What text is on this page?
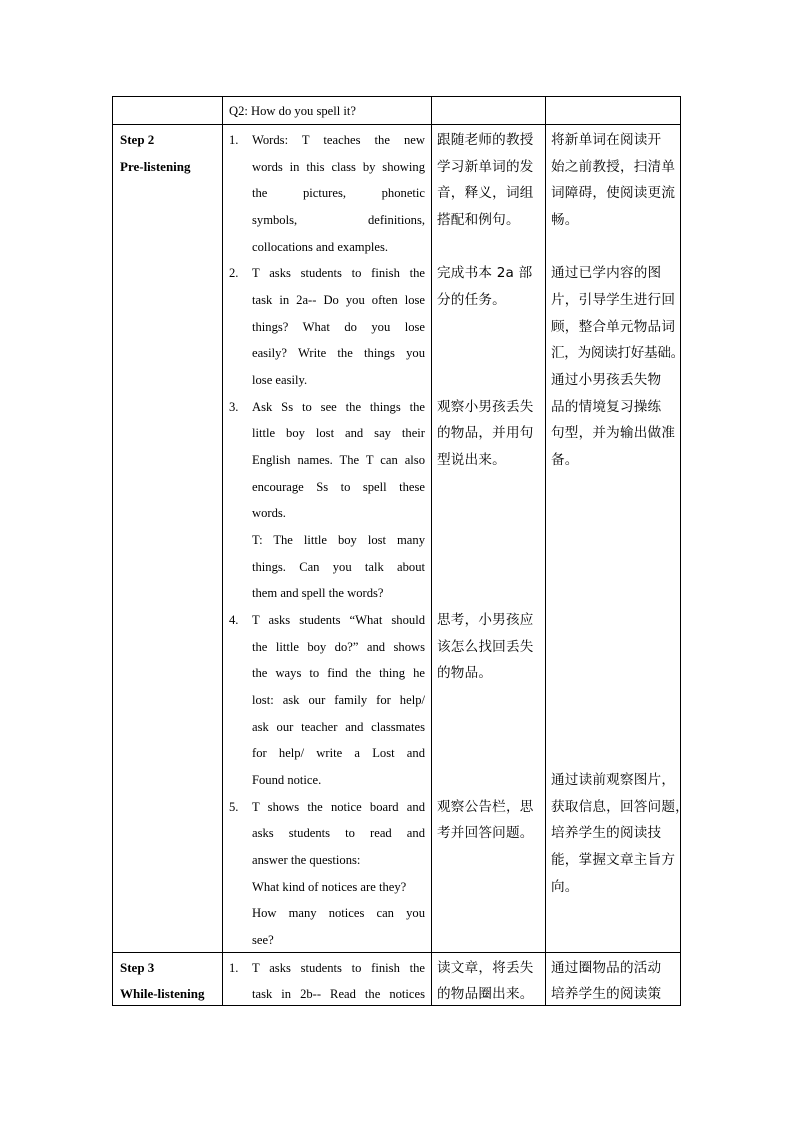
Q2: How do you spell it?
Step 2
Pre-listening
1. Words: T teaches the new
words in this class by showing
the pictures, phonetic
symbols, definitions,
collocations and examples.
2. T asks students to finish the
task in 2a-- Do you often lose
things? What do you lose
easily? Write the things you
lose easily.
3. Ask Ss to see the things the
little boy lost and say their
English names. The T can also
encourage Ss to spell these
words.
T: The little boy lost many
things. Can you talk about
them and spell the words?
4. T asks students “What should
the little boy do?” and shows
the ways to find the thing he
lost: ask our family for help/
ask our teacher and classmates
for help/ write a Lost and
Found notice.
5. T shows the notice board and
asks students to read and
answer the questions:
What kind of notices are they?
How many notices can you
see?
跟随老师的教授
学习新单词的发
音，释义，词组
搭配和例句。
完成书本 2a 部
分的任务。
观察小男孩丢失
的物品，并用句
型说出来。
思考，小男孩应
该怎么找回丢失
的物品。
观察公告栏，思
考并回答问题。
将新单词在阅读开
始之前教授，扫清单
词障碍，使阅读更流
畅。
通过已学内容的图
片，引导学生进行回
顾，整合单元物品词
汇，为阅读打好基础。
通过小男孩丢失物
品的情境复习操练
句型，并为输出做准
备。
通过读前观察图片，
获取信息，回答问题，
培养学生的阅读技
能，掌握文章主旨方
向。
Step 3
While-listening
1. T asks students to finish the
task in 2b-- Read the notices
读文章，将丢失
的物品圈出来。
通过圈物品的活动
培养学生的阅读策
